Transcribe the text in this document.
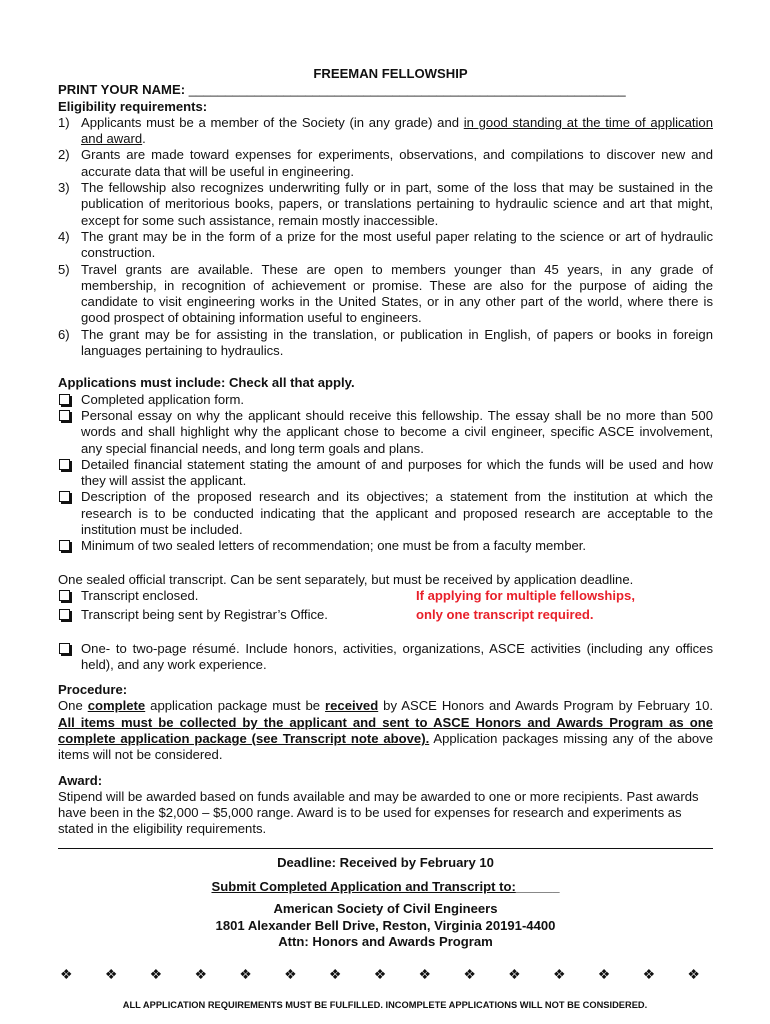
FREEMAN FELLOWSHIP
PRINT YOUR NAME: ____________________________________________________________
Eligibility requirements:
1) Applicants must be a member of the Society (in any grade) and in good standing at the time of application and award.
2) Grants are made toward expenses for experiments, observations, and compilations to discover new and accurate data that will be useful in engineering.
3) The fellowship also recognizes underwriting fully or in part, some of the loss that may be sustained in the publication of meritorious books, papers, or translations pertaining to hydraulic science and art that might, except for some such assistance, remain mostly inaccessible.
4) The grant may be in the form of a prize for the most useful paper relating to the science or art of hydraulic construction.
5) Travel grants are available. These are open to members younger than 45 years, in any grade of membership, in recognition of achievement or promise. These are also for the purpose of aiding the candidate to visit engineering works in the United States, or in any other part of the world, where there is good prospect of obtaining information useful to engineers.
6) The grant may be for assisting in the translation, or publication in English, of papers or books in foreign languages pertaining to hydraulics.
Applications must include: Check all that apply.
Completed application form.
Personal essay on why the applicant should receive this fellowship. The essay shall be no more than 500 words and shall highlight why the applicant chose to become a civil engineer, specific ASCE involvement, any special financial needs, and long term goals and plans.
Detailed financial statement stating the amount of and purposes for which the funds will be used and how they will assist the applicant.
Description of the proposed research and its objectives; a statement from the institution at which the research is to be conducted indicating that the applicant and proposed research are acceptable to the institution must be included.
Minimum of two sealed letters of recommendation; one must be from a faculty member.
One sealed official transcript. Can be sent separately, but must be received by application deadline.
Transcript enclosed.	If applying for multiple fellowships,
Transcript being sent by Registrar’s Office.	only one transcript required.
One- to two-page résumé. Include honors, activities, organizations, ASCE activities (including any offices held), and any work experience.
Procedure:
One complete application package must be received by ASCE Honors and Awards Program by February 10. All items must be collected by the applicant and sent to ASCE Honors and Awards Program as one complete application package (see Transcript note above). Application packages missing any of the above items will not be considered.
Award:
Stipend will be awarded based on funds available and may be awarded to one or more recipients. Past awards have been in the $2,000 – $5,000 range. Award is to be used for expenses for research and experiments as stated in the eligibility requirements.
Deadline: Received by February 10
Submit Completed Application and Transcript to:______
American Society of Civil Engineers
1801 Alexander Bell Drive, Reston, Virginia 20191-4400
Attn: Honors and Awards Program
❖ ❖ ❖ ❖ ❖ ❖ ❖ ❖ ❖ ❖ ❖ ❖ ❖ ❖ ❖
ALL APPLICATION REQUIREMENTS MUST BE FULFILLED. INCOMPLETE APPLICATIONS WILL NOT BE CONSIDERED.
